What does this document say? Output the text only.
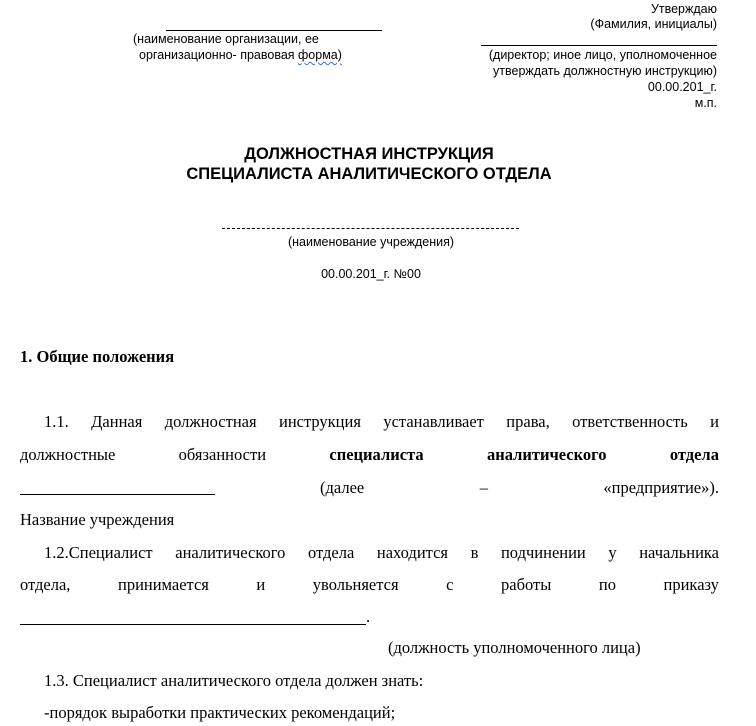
(наименование организации, ее
организационно- правовая форма)
Утверждаю
(Фамилия, инициалы)
(директор; иное лицо, уполномоченное
утверждать должностную инструкцию)
00.00.201_г.
м.п.
ДОЛЖНОСТНАЯ ИНСТРУКЦИЯ
СПЕЦИАЛИСТА АНАЛИТИЧЕСКОГО ОТДЕЛА
(наименование учреждения)
00.00.201_г. №00
1. Общие положения
1.1. Данная должностная инструкция устанавливает права, ответственность и
должностные	обязанности	специалиста	аналитического	отдела
(далее	–	«предприятие»).
Название учреждения
1.2.Специалист аналитического отдела находится в подчинении у начальника
отдела,	принимается	и	увольняется	с	работы	по	приказу
.
(должность уполномоченного лица)
1.3. Специалист аналитического отдела должен знать:
-порядок выработки практических рекомендаций;
